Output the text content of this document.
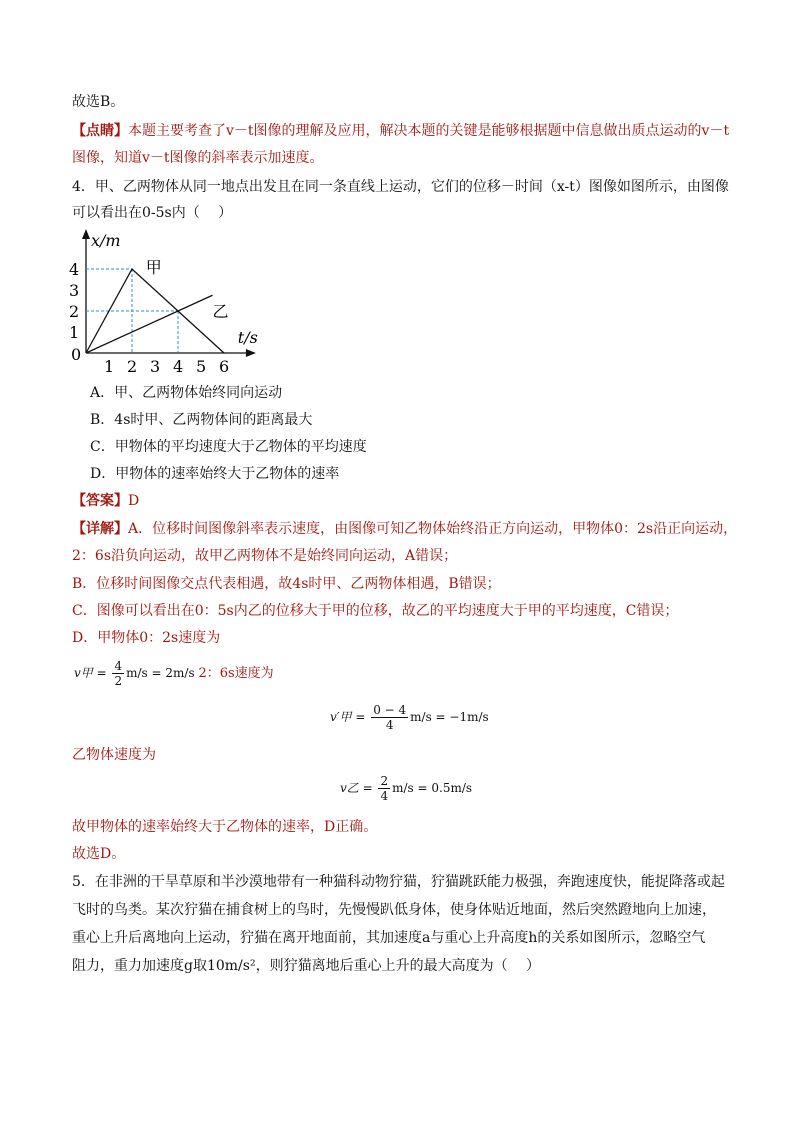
故选B。
【点睛】本题主要考查了v－t图像的理解及应用，解决本题的关键是能够根据题中信息做出质点运动的v－t
图像，知道v－t图像的斜率表示加速度。
4．甲、乙两物体从同一地点出发且在同一条直线上运动，它们的位移－时间（x-t）图像如图所示，由图像
可以看出在0-5s内（　 ）
x/m
t/s
0
1 2 3 4 5 6
1
2
3
4	甲
乙
A．甲、乙两物体始终同向运动
B．4s时甲、乙两物体间的距离最大
C．甲物体的平均速度大于乙物体的平均速度
D．甲物体的速率始终大于乙物体的速率
【答案】D
【详解】A．位移时间图像斜率表示速度，由图像可知乙物体始终沿正方向运动，甲物体0：2s沿正向运动，
2：6s沿负向运动，故甲乙两物体不是始终同向运动，A错误；
B．位移时间图像交点代表相遇，故4s时甲、乙两物体相遇，B错误；
C．图像可以看出在0：5s内乙的位移大于甲的位移，故乙的平均速度大于甲的平均速度，C错误；
D．甲物体0：2s速度为
v甲 = $\frac{4}{2} m/s = 2m/s$ 2：6s速度为
v′甲 = $\frac{0 - 4}{4} m/s = -1m/s$
乙物体速度为
v乙 = $\frac{2}{4} m/s = 0.5m/s$
故甲物体的速率始终大于乙物体的速率，D正确。
故选D。
5．在非洲的干旱草原和半沙漠地带有一种猫科动物狞猫，狞猫跳跃能力极强，奔跑速度快，能捉降落或起
飞时的鸟类。某次狞猫在捕食树上的鸟时，先慢慢趴低身体，使身体贴近地面，然后突然蹬地向上加速，
重心上升后离地向上运动，狞猫在离开地面前，其加速度a与重心上升高度h的关系如图所示，忽略空气
阻力，重力加速度g取10m/s²，则狞猫离地后重心上升的最大高度为（　 ）
